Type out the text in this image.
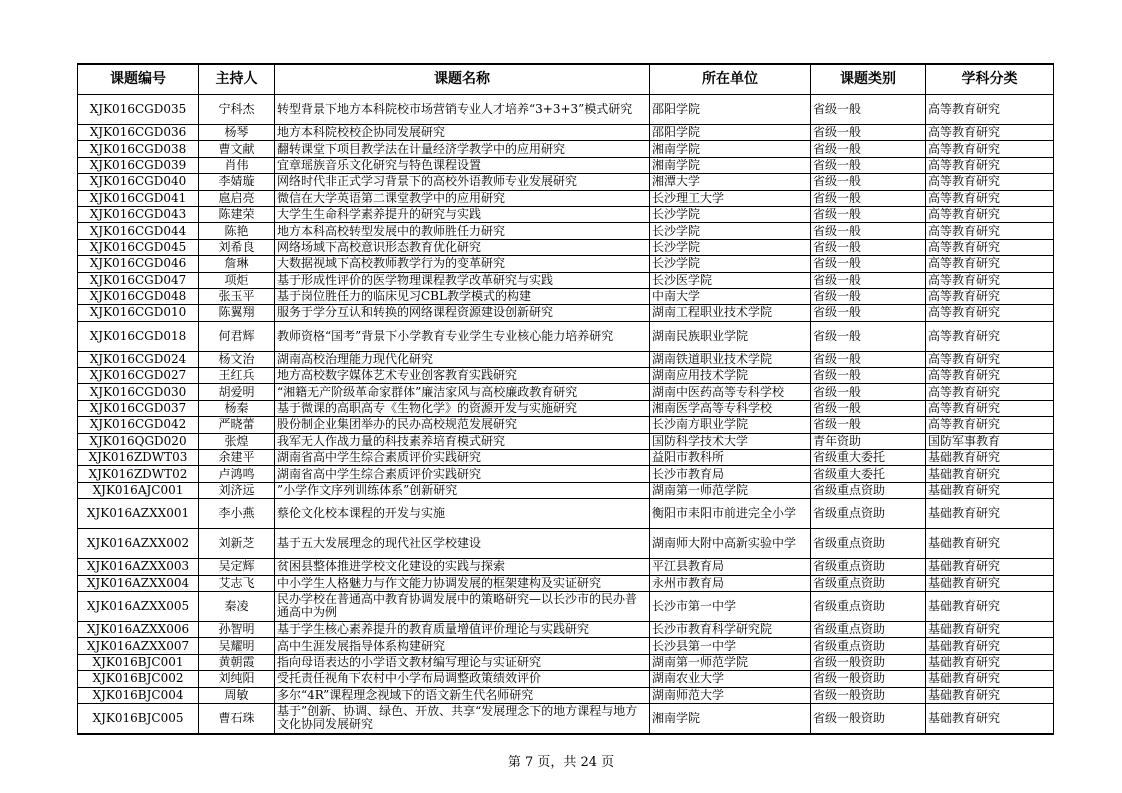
课题编号	主持人	课题名称	所在单位	课题类别	学科分类
XJK016CGD035	宁科杰	转型背景下地方本科院校市场营销专业人才培养“3+3+3”模式研究	邵阳学院	省级一般	高等教育研究
XJK016CGD036	杨琴	地方本科院校校企协同发展研究	邵阳学院	省级一般	高等教育研究
XJK016CGD038	曹文献	翻转课堂下项目教学法在计量经济学教学中的应用研究	湘南学院	省级一般	高等教育研究
XJK016CGD039	肖伟	宜章瑶族音乐文化研究与特色课程设置	湘南学院	省级一般	高等教育研究
XJK016CGD040	李婧璇	网络时代非正式学习背景下的高校外语教师专业发展研究	湘潭大学	省级一般	高等教育研究
XJK016CGD041	扈启亮	微信在大学英语第二课堂教学中的应用研究	长沙理工大学	省级一般	高等教育研究
XJK016CGD043	陈建荣	大学生生命科学素养提升的研究与实践	长沙学院	省级一般	高等教育研究
XJK016CGD044	陈艳	地方本科高校转型发展中的教师胜任力研究	长沙学院	省级一般	高等教育研究
XJK016CGD045	刘希良	网络场域下高校意识形态教育优化研究	长沙学院	省级一般	高等教育研究
XJK016CGD046	詹琳	大数据视域下高校教师教学行为的变革研究	长沙学院	省级一般	高等教育研究
XJK016CGD047	项炬	基于形成性评价的医学物理课程教学改革研究与实践	长沙医学院	省级一般	高等教育研究
XJK016CGD048	张玉平	基于岗位胜任力的临床见习CBL教学模式的构建	中南大学	省级一般	高等教育研究
XJK016CGD010	陈翼翔	服务于学分互认和转换的网络课程资源建设创新研究	湖南工程职业技术学院	省级一般	高等教育研究
XJK016CGD018	何君辉	教师资格“国考”背景下小学教育专业学生专业核心能力培养研究	湖南民族职业学院	省级一般	高等教育研究
XJK016CGD024	杨文治	湖南高校治理能力现代化研究	湖南铁道职业技术学院	省级一般	高等教育研究
XJK016CGD027	王红兵	地方高校数字媒体艺术专业创客教育实践研究	湖南应用技术学院	省级一般	高等教育研究
XJK016CGD030	胡爱明	“湘籍无产阶级革命家群体”廉洁家风与高校廉政教育研究	湖南中医药高等专科学校	省级一般	高等教育研究
XJK016CGD037	杨秦	基于微课的高职高专《生物化学》的资源开发与实施研究	湘南医学高等专科学校	省级一般	高等教育研究
XJK016CGD042	严晓蕾	股份制企业集团举办的民办高校规范发展研究	长沙南方职业学院	省级一般	高等教育研究
XJK016QGD020	张煌	我军无人作战力量的科技素养培育模式研究	国防科学技术大学	青年资助	国防军事教育
XJK016ZDWT03	余建平	湖南省高中学生综合素质评价实践研究	益阳市教科所	省级重大委托	基础教育研究
XJK016ZDWT02	卢鸿鸣	湖南省高中学生综合素质评价实践研究	长沙市教育局	省级重大委托	基础教育研究
XJK016AJC001	刘济远	”小学作文序列训练体系”创新研究	湖南第一师范学院	省级重点资助	基础教育研究
XJK016AZXX001	李小燕	蔡伦文化校本课程的开发与实施	衡阳市耒阳市前进完全小学	省级重点资助	基础教育研究
XJK016AZXX002	刘新芝	基于五大发展理念的现代社区学校建设	湖南师大附中高新实验中学	省级重点资助	基础教育研究
XJK016AZXX003	吴定辉	贫困县整体推进学校文化建设的实践与探索	平江县教育局	省级重点资助	基础教育研究
XJK016AZXX004	艾志飞	中小学生人格魅力与作文能力协调发展的框架建构及实证研究	永州市教育局	省级重点资助	基础教育研究
XJK016AZXX005	秦凌	民办学校在普通高中教育协调发展中的策略研究—以长沙市的民办普通高中为例	长沙市第一中学	省级重点资助	基础教育研究
XJK016AZXX006	孙智明	基于学生核心素养提升的教育质量增值评价理论与实践研究	长沙市教育科学研究院	省级重点资助	基础教育研究
XJK016AZXX007	吴耀明	高中生涯发展指导体系构建研究	长沙县第一中学	省级重点资助	基础教育研究
XJK016BJC001	黄朝霞	指向母语表达的小学语文教材编写理论与实证研究	湖南第一师范学院	省级一般资助	基础教育研究
XJK016BJC002	刘纯阳	受托责任视角下农村中小学布局调整政策绩效评价	湖南农业大学	省级一般资助	基础教育研究
XJK016BJC004	周敏	多尔“4R”课程理念视域下的语文新生代名师研究	湖南师范大学	省级一般资助	基础教育研究
XJK016BJC005	曹石珠	基于”创新、协调、绿色、开放、共享“发展理念下的地方课程与地方文化协同发展研究	湘南学院	省级一般资助	基础教育研究
第 7 页，共 24 页
